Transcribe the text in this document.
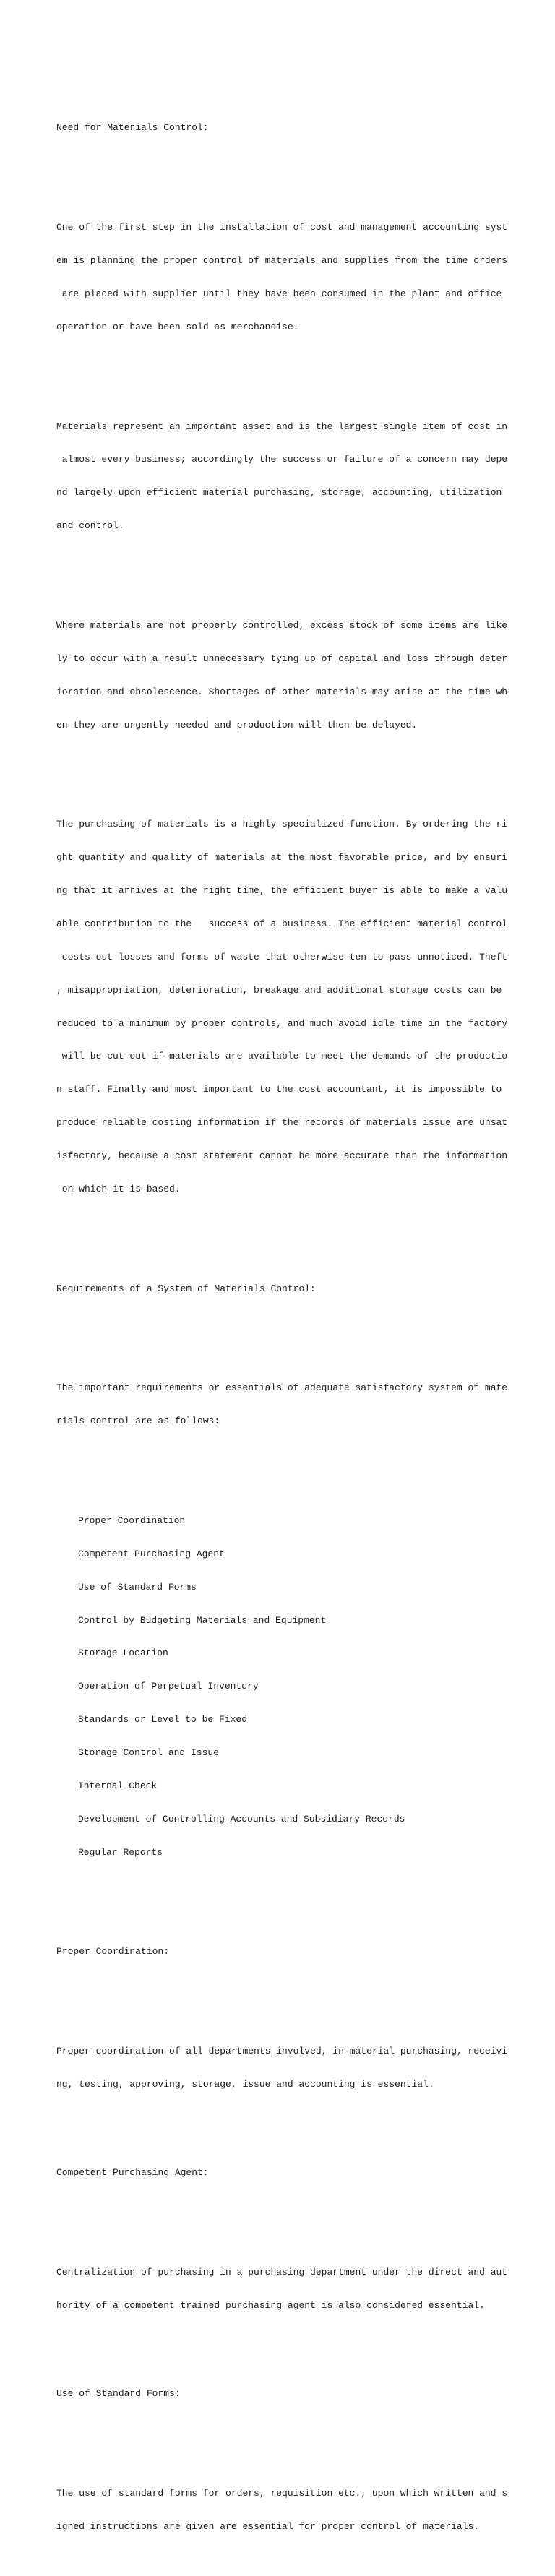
Need for Materials Control:

One of the first step in the installation of cost and management accounting syst

em is planning the proper control of materials and supplies from the time orders

are placed with supplier until they have been consumed in the plant and office

operation or have been sold as merchandise.

Materials represent an important asset and is the largest single item of cost in

almost every business; accordingly the success or failure of a concern may depe

nd largely upon efficient material purchasing, storage, accounting, utilization

and control.

Where materials are not properly controlled, excess stock of some items are like

ly to occur with a result unnecessary tying up of capital and loss through deter

ioration and obsolescence. Shortages of other materials may arise at the time wh

en they are urgently needed and production will then be delayed.

The purchasing of materials is a highly specialized function. By ordering the ri

ght quantity and quality of materials at the most favorable price, and by ensuri

ng that it arrives at the right time, the efficient buyer is able to make a valu

able contribution to the   success of a business. The efficient material control

costs out losses and forms of waste that otherwise ten to pass unnoticed. Theft

, misappropriation, deterioration, breakage and additional storage costs can be

reduced to a minimum by proper controls, and much avoid idle time in the factory

will be cut out if materials are available to meet the demands of the productio

n staff. Finally and most important to the cost accountant, it is impossible to

produce reliable costing information if the records of materials issue are unsat

isfactory, because a cost statement cannot be more accurate than the information

on which it is based.

Requirements of a System of Materials Control:

The important requirements or essentials of adequate satisfactory system of mate

rials control are as follows:

Proper Coordination

Competent Purchasing Agent

Use of Standard Forms

Control by Budgeting Materials and Equipment

Storage Location

Operation of Perpetual Inventory

Standards or Level to be Fixed

Storage Control and Issue

Internal Check

Development of Controlling Accounts and Subsidiary Records

Regular Reports

Proper Coordination:

Proper coordination of all departments involved, in material purchasing, receivi

ng, testing, approving, storage, issue and accounting is essential.

Competent Purchasing Agent:

Centralization of purchasing in a purchasing department under the direct and aut

hority of a competent trained purchasing agent is also considered essential.

Use of Standard Forms:

The use of standard forms for orders, requisition etc., upon which written and s

igned instructions are given are essential for proper control of materials.
